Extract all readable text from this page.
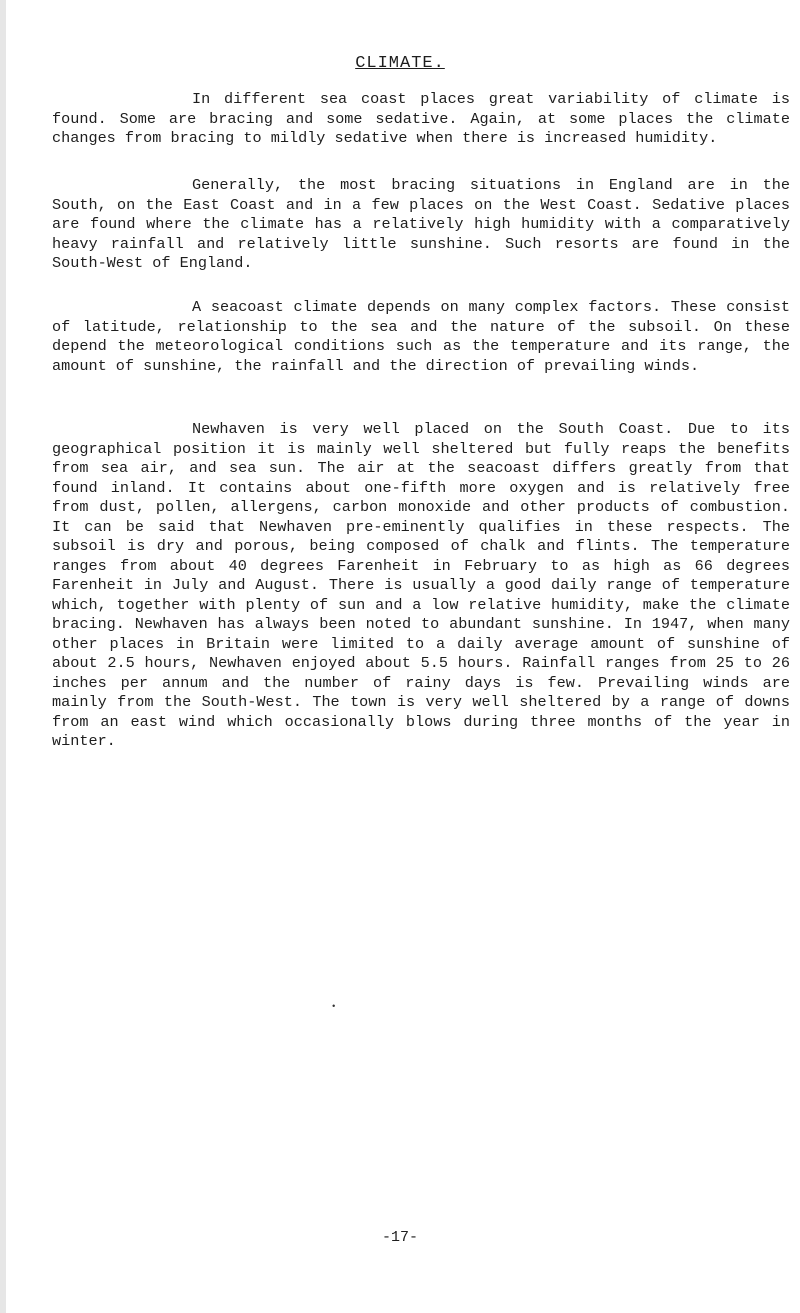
CLIMATE.

In different sea coast places great variability of climate is found. Some are bracing and some sedative. Again, at some places the climate changes from bracing to mildly sedative when there is increased humidity.

Generally, the most bracing situations in England are in the South, on the East Coast and in a few places on the West Coast. Sedative places are found where the climate has a relatively high humidity with a comparatively heavy rainfall and relatively little sunshine. Such resorts are found in the South-West of England.

A seacoast climate depends on many complex factors. These consist of latitude, relationship to the sea and the nature of the subsoil. On these depend the meteorological conditions such as the temperature and its range, the amount of sunshine, the rainfall and the direction of prevailing winds.

Newhaven is very well placed on the South Coast. Due to its geographical position it is mainly well sheltered but fully reaps the benefits from sea air, and sea sun. The air at the seacoast differs greatly from that found inland. It contains about one-fifth more oxygen and is relatively free from dust, pollen, allergens, carbon monoxide and other products of combustion. It can be said that Newhaven pre-eminently qualifies in these respects. The subsoil is dry and porous, being composed of chalk and flints. The temperature ranges from about 40 degrees Farenheit in February to as high as 66 degrees Farenheit in July and August. There is usually a good daily range of temperature which, together with plenty of sun and a low relative humidity, make the climate bracing. Newhaven has always been noted to abundant sunshine. In 1947, when many other places in Britain were limited to a daily average amount of sunshine of about 2.5 hours, Newhaven enjoyed about 5.5 hours. Rainfall ranges from 25 to 26 inches per annum and the number of rainy days is few. Prevailing winds are mainly from the South-West. The town is very well sheltered by a range of downs from an east wind which occasionally blows during three months of the year in winter.

•
-17-
